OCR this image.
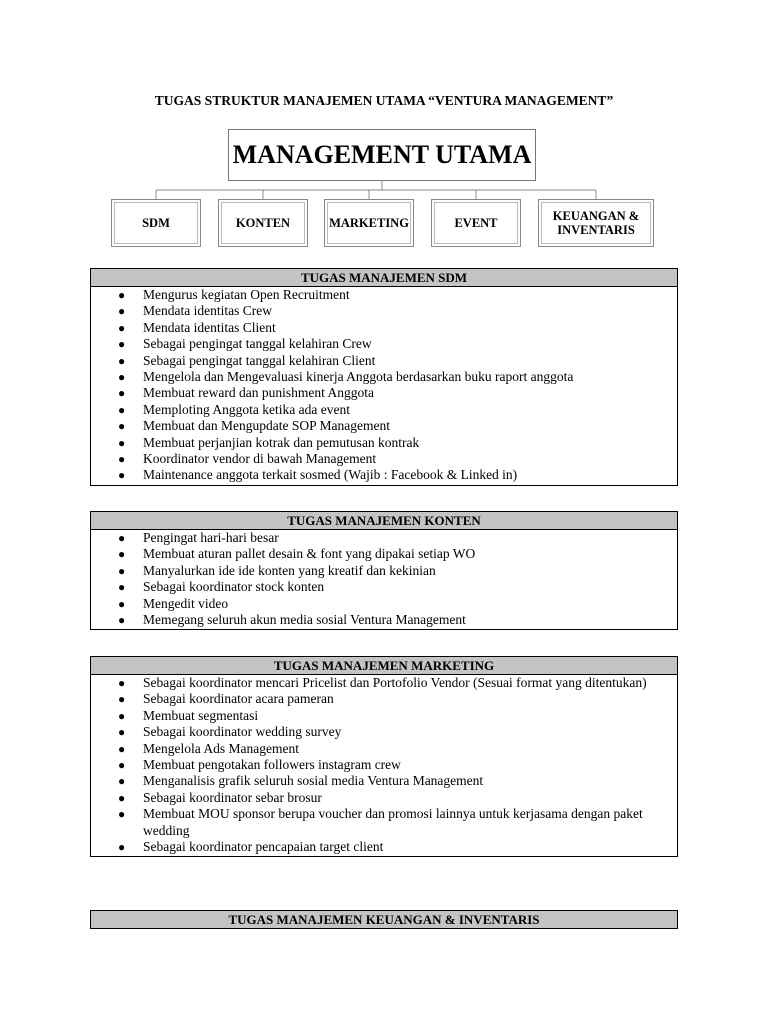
TUGAS STRUKTUR MANAJEMEN UTAMA “VENTURA MANAGEMENT”
MANAGEMENT UTAMA
SDM	KONTEN	MARKETING	EVENT	KEUANGAN & INVENTARIS
TUGAS MANAJEMEN SDM
● Mengurus kegiatan Open Recruitment
● Mendata identitas Crew
● Mendata identitas Client
● Sebagai pengingat tanggal kelahiran Crew
● Sebagai pengingat tanggal kelahiran Client
● Mengelola dan Mengevaluasi kinerja Anggota berdasarkan buku raport anggota
● Membuat reward dan punishment Anggota
● Memploting Anggota ketika ada event
● Membuat dan Mengupdate SOP Management
● Membuat perjanjian kotrak dan pemutusan kontrak
● Koordinator vendor di bawah Management
● Maintenance anggota terkait sosmed (Wajib : Facebook & Linked in)
TUGAS MANAJEMEN KONTEN
● Pengingat hari-hari besar
● Membuat aturan pallet desain & font yang dipakai setiap WO
● Manyalurkan ide ide konten yang kreatif dan kekinian
● Sebagai koordinator stock konten
● Mengedit video
● Memegang seluruh akun media sosial Ventura Management
TUGAS MANAJEMEN MARKETING
● Sebagai koordinator mencari Pricelist dan Portofolio Vendor (Sesuai format yang ditentukan)
● Sebagai koordinator acara pameran
● Membuat segmentasi
● Sebagai koordinator wedding survey
● Mengelola Ads Management
● Membuat pengotakan followers instagram crew
● Menganalisis grafik seluruh sosial media Ventura Management
● Sebagai koordinator sebar brosur
● Membuat MOU sponsor berupa voucher dan promosi lainnya untuk kerjasama dengan paket wedding
● Sebagai koordinator pencapaian target client
TUGAS MANAJEMEN KEUANGAN & INVENTARIS
